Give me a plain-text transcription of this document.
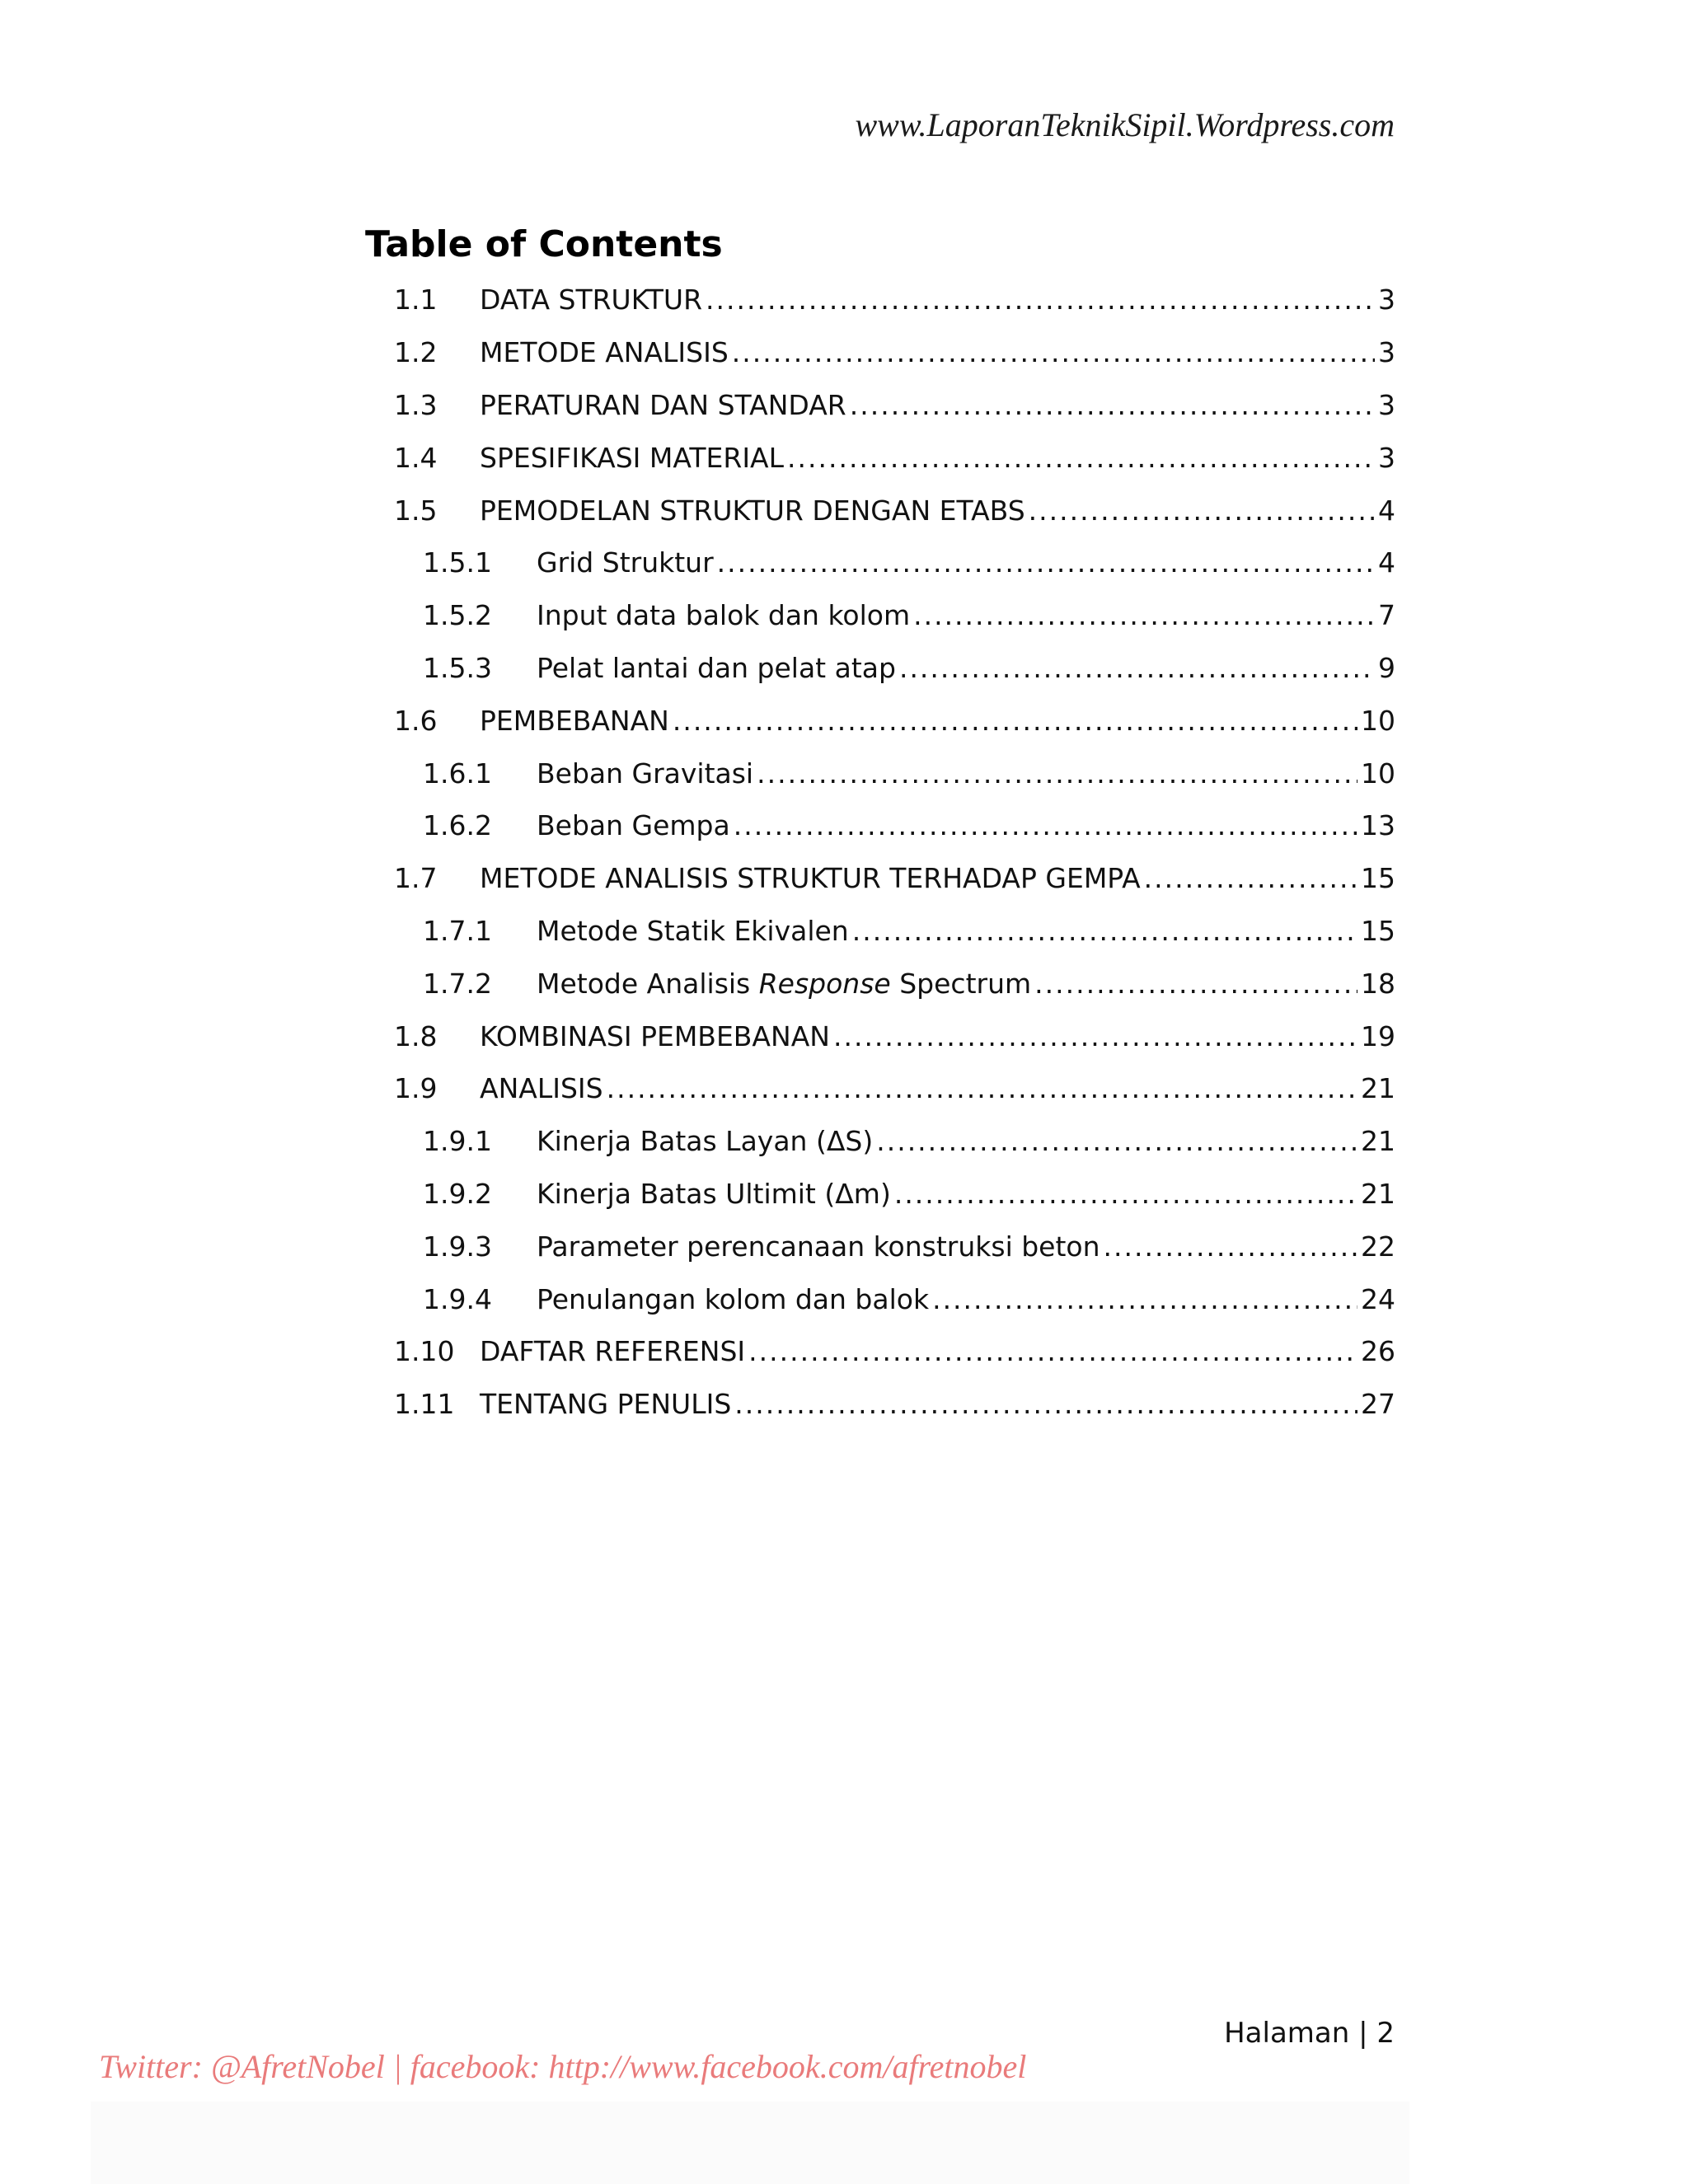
www.LaporanTeknikSipil.Wordpress.com
Table of Contents
1.1 DATA STRUKTUR .....	3
1.2 METODE ANALISIS .....	3
1.3 PERATURAN DAN STANDAR .....	3
1.4 SPESIFIKASI MATERIAL .....	3
1.5 PEMODELAN STRUKTUR DENGAN ETABS .....	4
1.5.1 Grid Struktur .....	4
1.5.2 Input data balok dan kolom .....	7
1.5.3 Pelat lantai dan pelat atap .....	9
1.6 PEMBEBANAN .....	10
1.6.1 Beban Gravitasi .....	10
1.6.2 Beban Gempa .....	13
1.7 METODE ANALISIS STRUKTUR TERHADAP GEMPA .....	15
1.7.1 Metode Statik Ekivalen .....	15
1.7.2 Metode Analisis Response Spectrum .....	18
1.8 KOMBINASI PEMBEBANAN .....	19
1.9 ANALISIS .....	21
1.9.1 Kinerja Batas Layan (ΔS) .....	21
1.9.2 Kinerja Batas Ultimit (Δm) .....	21
1.9.3 Parameter perencanaan konstruksi beton .....	22
1.9.4 Penulangan kolom dan balok .....	24
1.10 DAFTAR REFERENSI .....	26
1.11 TENTANG PENULIS .....	27
Halaman | 2
Twitter: @AfretNobel | facebook: http://www.facebook.com/afretnobel
